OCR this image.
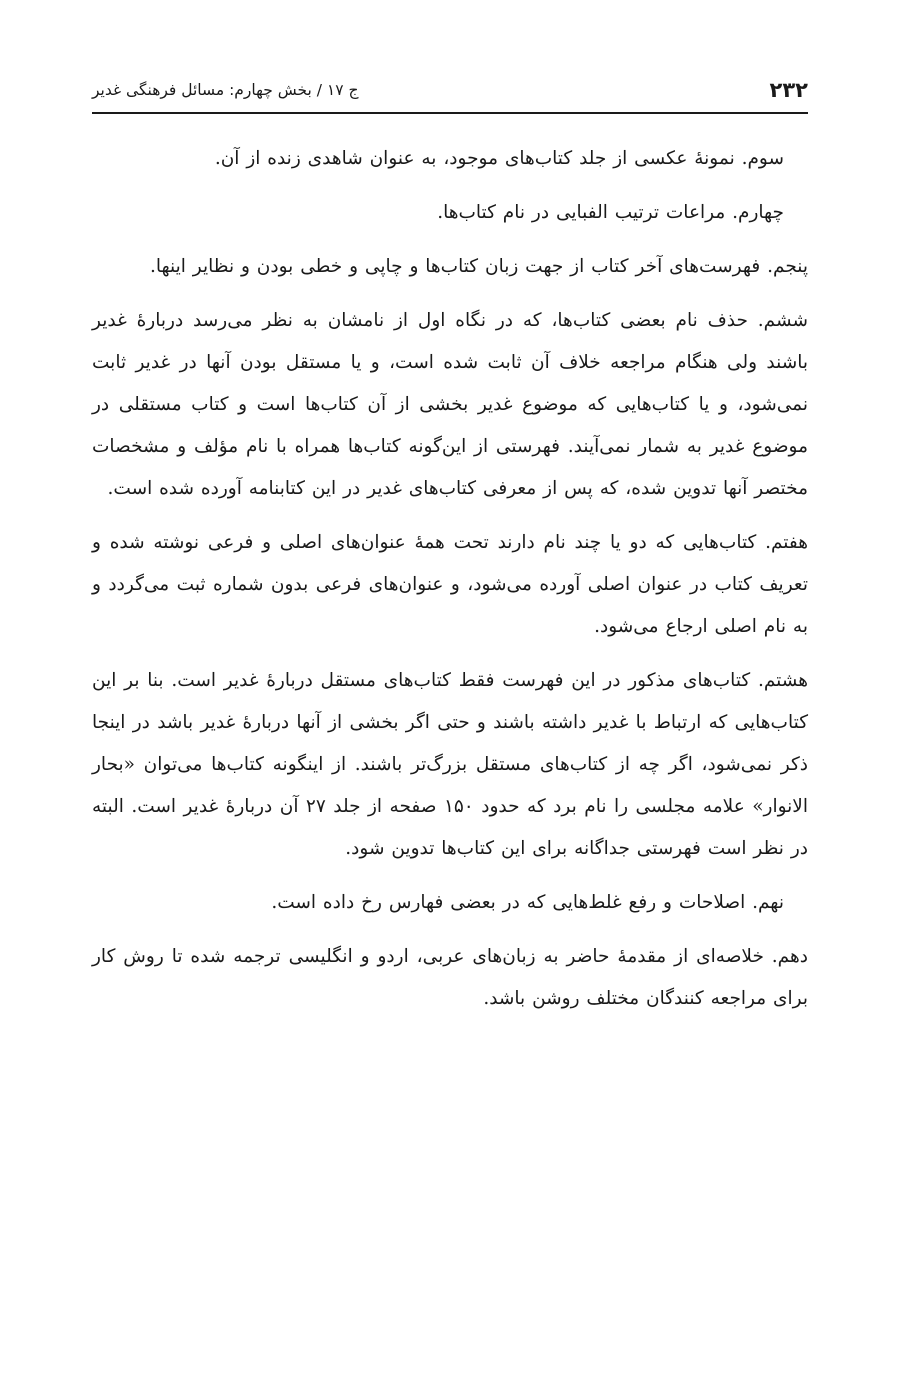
۲۳۲
ج ۱۷ / بخش چهارم: مسائل فرهنگی غدیر

سوم. نمونهٔ عکسی از جلد کتاب‌های موجود، به عنوان شاهدی زنده از آن.

چهارم. مراعات ترتیب الفبایی در نام کتاب‌ها.

پنجم. فهرست‌های آخر کتاب از جهت زبان کتاب‌ها و چاپی و خطی بودن و نظایر اینها.

ششم. حذف نام بعضی کتاب‌ها، که در نگاه اول از نامشان به نظر می‌رسد دربارهٔ غدیر باشند ولی هنگام مراجعه خلاف آن ثابت شده است، و یا مستقل بودن آنها در غدیر ثابت نمی‌شود، و یا کتاب‌هایی که موضوع غدیر بخشی از آن کتاب‌ها است و کتاب مستقلی در موضوع غدیر به شمار نمی‌آیند. فهرستی از این‌گونه کتاب‌ها همراه با نام مؤلف و مشخصات مختصر آنها تدوین شده، که پس از معرفی کتاب‌های غدیر در این کتابنامه آورده شده است.

هفتم. کتاب‌هایی که دو یا چند نام دارند تحت همهٔ عنوان‌های اصلی و فرعی نوشته شده و تعریف کتاب در عنوان اصلی آورده می‌شود، و عنوان‌های فرعی بدون شماره ثبت می‌گردد و به نام اصلی ارجاع می‌شود.

هشتم. کتاب‌های مذکور در این فهرست فقط کتاب‌های مستقل دربارهٔ غدیر است. بنا بر این کتاب‌هایی که ارتباط با غدیر داشته باشند و حتی اگر بخشی از آنها دربارهٔ غدیر باشد در اینجا ذکر نمی‌شود، اگر چه از کتاب‌های مستقل بزرگ‌تر باشند. از اینگونه کتاب‌ها می‌توان «بحار الانوار» علامه مجلسی را نام برد که حدود ۱۵۰ صفحه از جلد ۲۷ آن دربارهٔ غدیر است. البته در نظر است فهرستی جداگانه برای این کتاب‌ها تدوین شود.

نهم. اصلاحات و رفع غلط‌هایی که در بعضی فهارس رخ داده است.

دهم. خلاصه‌ای از مقدمهٔ حاضر به زبان‌های عربی، اردو و انگلیسی ترجمه شده تا روش کار برای مراجعه کنندگان مختلف روشن باشد.
